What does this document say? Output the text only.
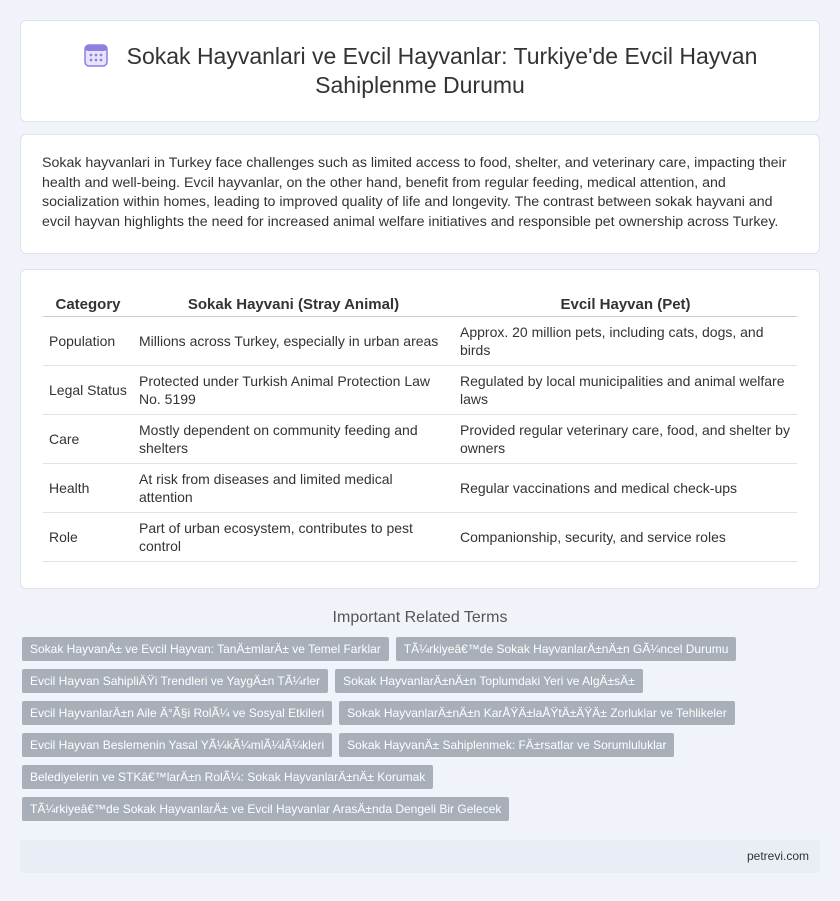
Sokak Hayvanlari ve Evcil Hayvanlar: Turkiye'de Evcil Hayvan Sahiplenme Durumu

Sokak hayvanlari in Turkey face challenges such as limited access to food, shelter, and veterinary care, impacting their health and well-being. Evcil hayvanlar, on the other hand, benefit from regular feeding, medical attention, and socialization within homes, leading to improved quality of life and longevity. The contrast between sokak hayvani and evcil hayvan highlights the need for increased animal welfare initiatives and responsible pet ownership across Turkey.

Category	Sokak Hayvani (Stray Animal)	Evcil Hayvan (Pet)
Population	Millions across Turkey, especially in urban areas	Approx. 20 million pets, including cats, dogs, and birds
Legal Status	Protected under Turkish Animal Protection Law No. 5199	Regulated by local municipalities and animal welfare laws
Care	Mostly dependent on community feeding and shelters	Provided regular veterinary care, food, and shelter by owners
Health	At risk from diseases and limited medical attention	Regular vaccinations and medical check-ups
Role	Part of urban ecosystem, contributes to pest control	Companionship, security, and service roles
Important Related Terms
Sokak HayvanÄ± ve Evcil Hayvan: TanÄ±mlarÄ± ve Temel Farklar	TÃ¼rkiyeâ€™de Sokak HayvanlarÄ±nÄ±n GÃ¼ncel Durumu
Evcil Hayvan SahipliÄŸi Trendleri ve YaygÄ±n TÃ¼rler	Sokak HayvanlarÄ±nÄ±n Toplumdaki Yeri ve AlgÄ±sÄ±
Evcil HayvanlarÄ±n Aile Ä°Ã§i RolÃ¼ ve Sosyal Etkileri	Sokak HayvanlarÄ±nÄ±n KarÅŸÄ±laÅŸtÄ±ÄŸÄ± Zorluklar ve Tehlikeler
Evcil Hayvan Beslemenin Yasal YÃ¼kÃ¼mlÃ¼lÃ¼kleri	Sokak HayvanÄ± Sahiplenmek: FÄ±rsatlar ve Sorumluluklar
Belediyelerin ve STKâ€™larÄ±n RolÃ¼: Sokak HayvanlarÄ±nÄ± Korumak
TÃ¼rkiyeâ€™de Sokak HayvanlarÄ± ve Evcil Hayvanlar ArasÄ±nda Dengeli Bir Gelecek
petrevi.com
